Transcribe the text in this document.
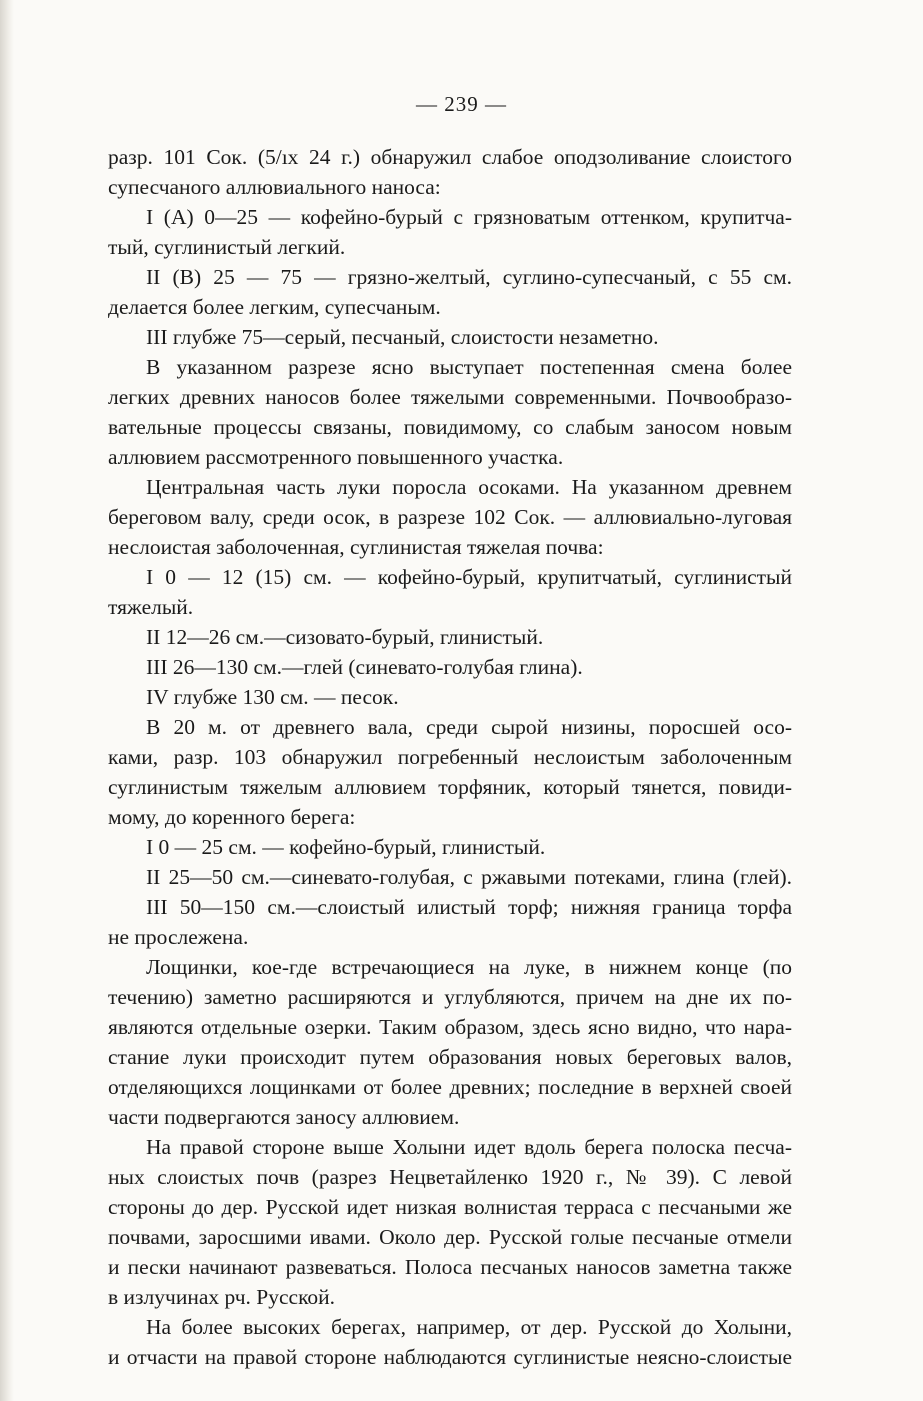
— 239 —
разр. 101 Сок. (5/ıx 24 г.) обнаружил слабое оподзоливание слоистого
супесчаного аллювиального наноса:
I (A) 0—25 — кофейно-бурый с грязноватым оттенком, крупитча-
тый, суглинистый легкий.
II (B) 25 — 75 — грязно-желтый, суглино-супесчаный, с 55 см.
делается более легким, супесчаным.
III глубже 75—серый, песчаный, слоистости незаметно.
В указанном разрезе ясно выступает постепенная смена более
легких древних наносов более тяжелыми современными. Почвообразо-
вательные процессы связаны, повидимому, со слабым заносом новым
аллювием рассмотренного повышенного участка.
Центральная часть луки поросла осоками. На указанном древнем
береговом валу, среди осок, в разрезе 102 Сок. — аллювиально-луговая
неслоистая заболоченная, суглинистая тяжелая почва:
I 0 — 12 (15) см. — кофейно-бурый, крупитчатый, суглинистый
тяжелый.
II 12—26 см.—сизовато-бурый, глинистый.
III 26—130 см.—глей (синевато-голубая глина).
IV глубже 130 см. — песок.
В 20 м. от древнего вала, среди сырой низины, поросшей осо-
ками, разр. 103 обнаружил погребенный неслоистым заболоченным
суглинистым тяжелым аллювием торфяник, который тянется, повиди-
мому, до коренного берега:
I 0 — 25 см. — кофейно-бурый, глинистый.
II 25—50 см.—синевато-голубая, с ржавыми потеками, глина (глей).
III 50—150 см.—слоистый илистый торф; нижняя граница торфа
не прослежена.
Лощинки, кое-где встречающиеся на луке, в нижнем конце (по
течению) заметно расширяются и углубляются, причем на дне их по-
являются отдельные озерки. Таким образом, здесь ясно видно, что нара-
стание луки происходит путем образования новых береговых валов,
отделяющихся лощинками от более древних; последние в верхней своей
части подвергаются заносу аллювием.
На правой стороне выше Холыни идет вдоль берега полоска песча-
ных слоистых почв (разрез Нецветайленко 1920 г., № 39). С левой
стороны до дер. Русской идет низкая волнистая терраса с песчаными же
почвами, заросшими ивами. Около дер. Русской голые песчаные отмели
и пески начинают развеваться. Полоса песчаных наносов заметна также
в излучинах рч. Русской.
На более высоких берегах, например, от дер. Русской до Холыни,
и отчасти на правой стороне наблюдаются суглинистые неясно-слоистые
